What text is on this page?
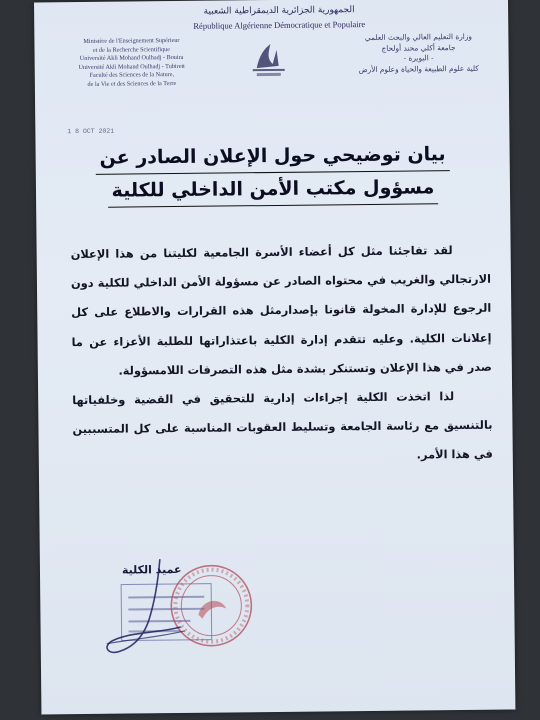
الجمهورية الجزائرية الديمقراطية الشعبية
République Algérienne Démocratique et Populaire
Ministère de l'Enseignement Supérieur
et de la Recherche Scientifique
Université Akli Mohand Oulhadj - Bouira
Université Akli Mohand Oulhadj - Tubirett
Faculté des Sciences de la Nature,
de la Vie et des Sciences de la Terre
وزارة التعليم العالي والبحث العلمي
جامعة أكلي محند أولحاج
- البويرة -
كلية علوم الطبيعة والحياة وعلوم الأرض
1 8 OCT 2021
بيان توضيحي حول الإعلان الصادر عن
مسؤول مكتب الأمن الداخلي للكلية

لقد تفاجئنا مثل كل أعضاء الأسرة الجامعية لكليتنا من هذا الإعلان الارتجالي والغريب في محتواه الصادر عن مسؤولة الأمن الداخلي للكلية دون الرجوع للإدارة المخولة قانونا بإصدارمثل هذه القرارات والاطلاع على كل إعلانات الكلية. وعليه تتقدم إدارة الكلية باعتذاراتها للطلبة الأعزاء عن ما صدر في هذا الإعلان وتستنكر بشدة مثل هذه التصرفات اللامسؤولة.

لذا اتخذت الكلية إجراءات إدارية للتحقيق في القضية وخلفياتها بالتنسيق مع رئاسة الجامعة وتسليط العقوبات المناسبة على كل المتسببين في هذا الأمر.

عميد الكلية
